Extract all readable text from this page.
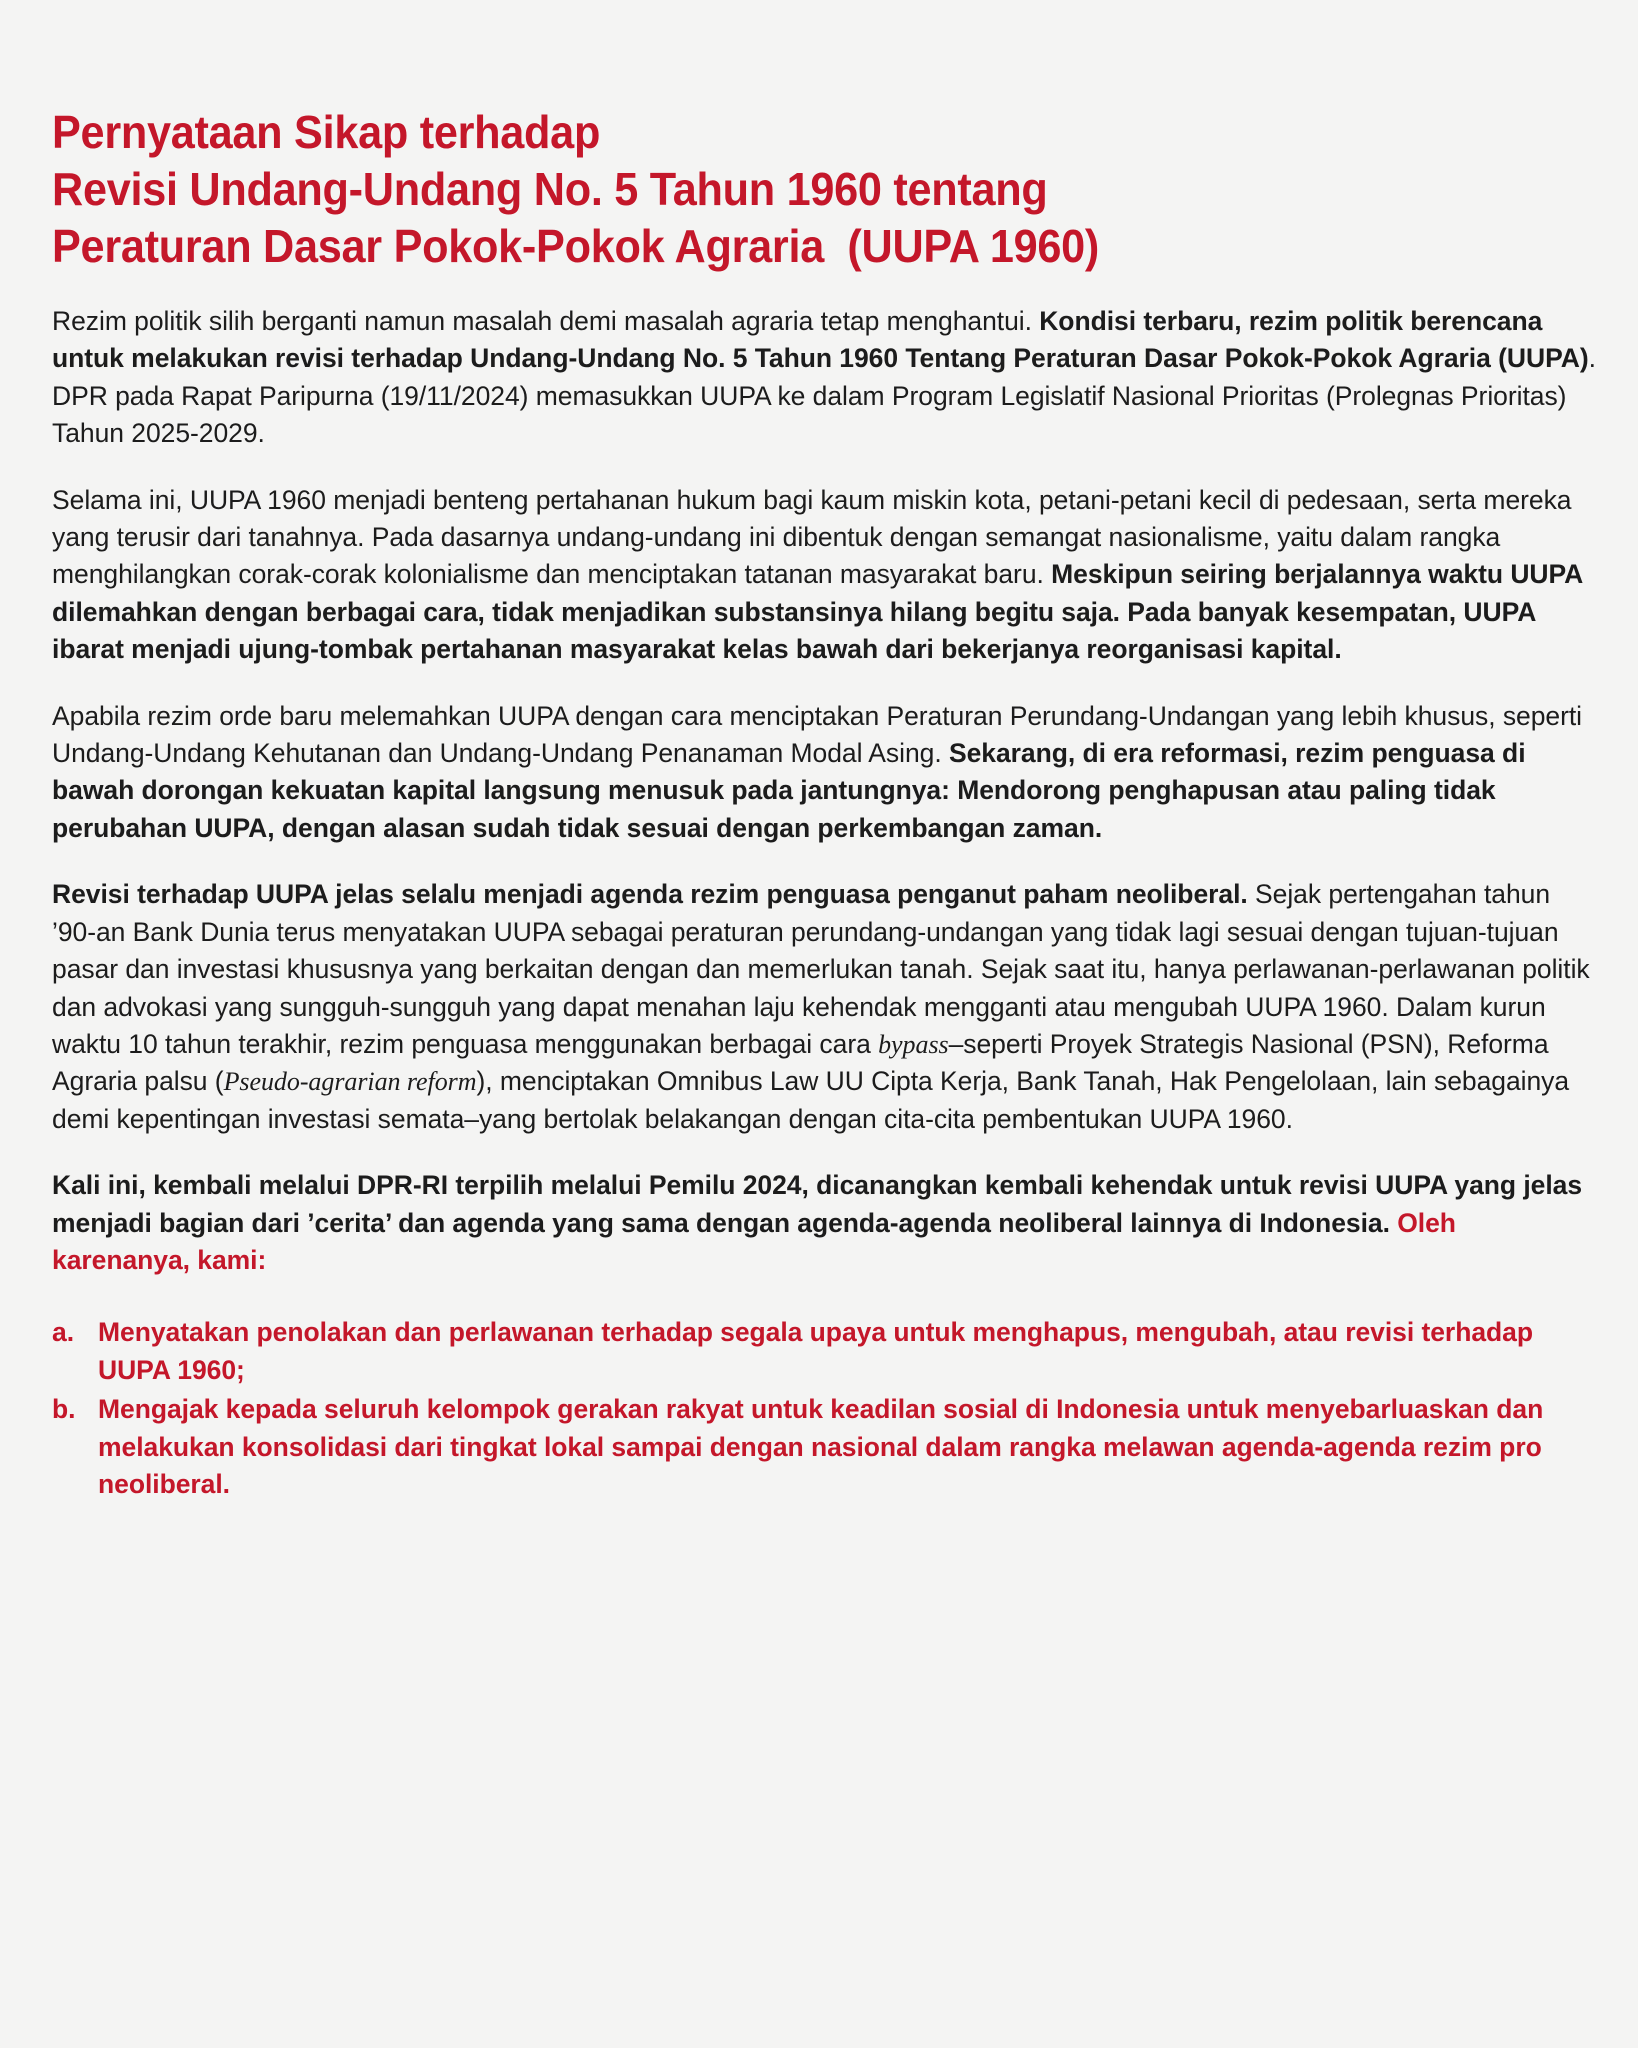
Pernyataan Sikap terhadap
Revisi Undang-Undang No. 5 Tahun 1960 tentang
Peraturan Dasar Pokok-Pokok Agraria  (UUPA 1960)

Rezim politik silih berganti namun masalah demi masalah agraria tetap menghantui. Kondisi terbaru, rezim politik berencana untuk melakukan revisi terhadap Undang-Undang No. 5 Tahun 1960 Tentang Peraturan Dasar Pokok-Pokok Agraria (UUPA). DPR pada Rapat Paripurna (19/11/2024) memasukkan UUPA ke dalam Program Legislatif Nasional Prioritas (Prolegnas Prioritas) Tahun 2025-2029.

Selama ini, UUPA 1960 menjadi benteng pertahanan hukum bagi kaum miskin kota, petani-petani kecil di pedesaan, serta mereka yang terusir dari tanahnya. Pada dasarnya undang-undang ini dibentuk dengan semangat nasionalisme, yaitu dalam rangka menghilangkan corak-corak kolonialisme dan menciptakan tatanan masyarakat baru. Meskipun seiring berjalannya waktu UUPA dilemahkan dengan berbagai cara, tidak menjadikan substansinya hilang begitu saja. Pada banyak kesempatan, UUPA ibarat menjadi ujung-tombak pertahanan masyarakat kelas bawah dari bekerjanya reorganisasi kapital.

Apabila rezim orde baru melemahkan UUPA dengan cara menciptakan Peraturan Perundang-Undangan yang lebih khusus, seperti Undang-Undang Kehutanan dan Undang-Undang Penanaman Modal Asing. Sekarang, di era reformasi, rezim penguasa di bawah dorongan kekuatan kapital langsung menusuk pada jantungnya: Mendorong penghapusan atau paling tidak perubahan UUPA, dengan alasan sudah tidak sesuai dengan perkembangan zaman.

Revisi terhadap UUPA jelas selalu menjadi agenda rezim penguasa penganut paham neoliberal. Sejak pertengahan tahun ’90-an Bank Dunia terus menyatakan UUPA sebagai peraturan perundang-undangan yang tidak lagi sesuai dengan tujuan-tujuan pasar dan investasi khususnya yang berkaitan dengan dan memerlukan tanah. Sejak saat itu, hanya perlawanan-perlawanan politik dan advokasi yang sungguh-sungguh yang dapat menahan laju kehendak mengganti atau mengubah UUPA 1960. Dalam kurun waktu 10 tahun terakhir, rezim penguasa menggunakan berbagai cara bypass–seperti Proyek Strategis Nasional (PSN), Reforma Agraria palsu (Pseudo-agrarian reform), menciptakan Omnibus Law UU Cipta Kerja, Bank Tanah, Hak Pengelolaan, lain sebagainya demi kepentingan investasi semata–yang bertolak belakangan dengan cita-cita pembentukan UUPA 1960.

Kali ini, kembali melalui DPR-RI terpilih melalui Pemilu 2024, dicanangkan kembali kehendak untuk revisi UUPA yang jelas menjadi bagian dari ’cerita’ dan agenda yang sama dengan agenda-agenda neoliberal lainnya di Indonesia. Oleh karenanya, kami:

a. Menyatakan penolakan dan perlawanan terhadap segala upaya untuk menghapus, mengubah, atau revisi terhadap UUPA 1960;
b. Mengajak kepada seluruh kelompok gerakan rakyat untuk keadilan sosial di Indonesia untuk menyebarluaskan dan melakukan konsolidasi dari tingkat lokal sampai dengan nasional dalam rangka melawan agenda-agenda rezim pro neoliberal.
